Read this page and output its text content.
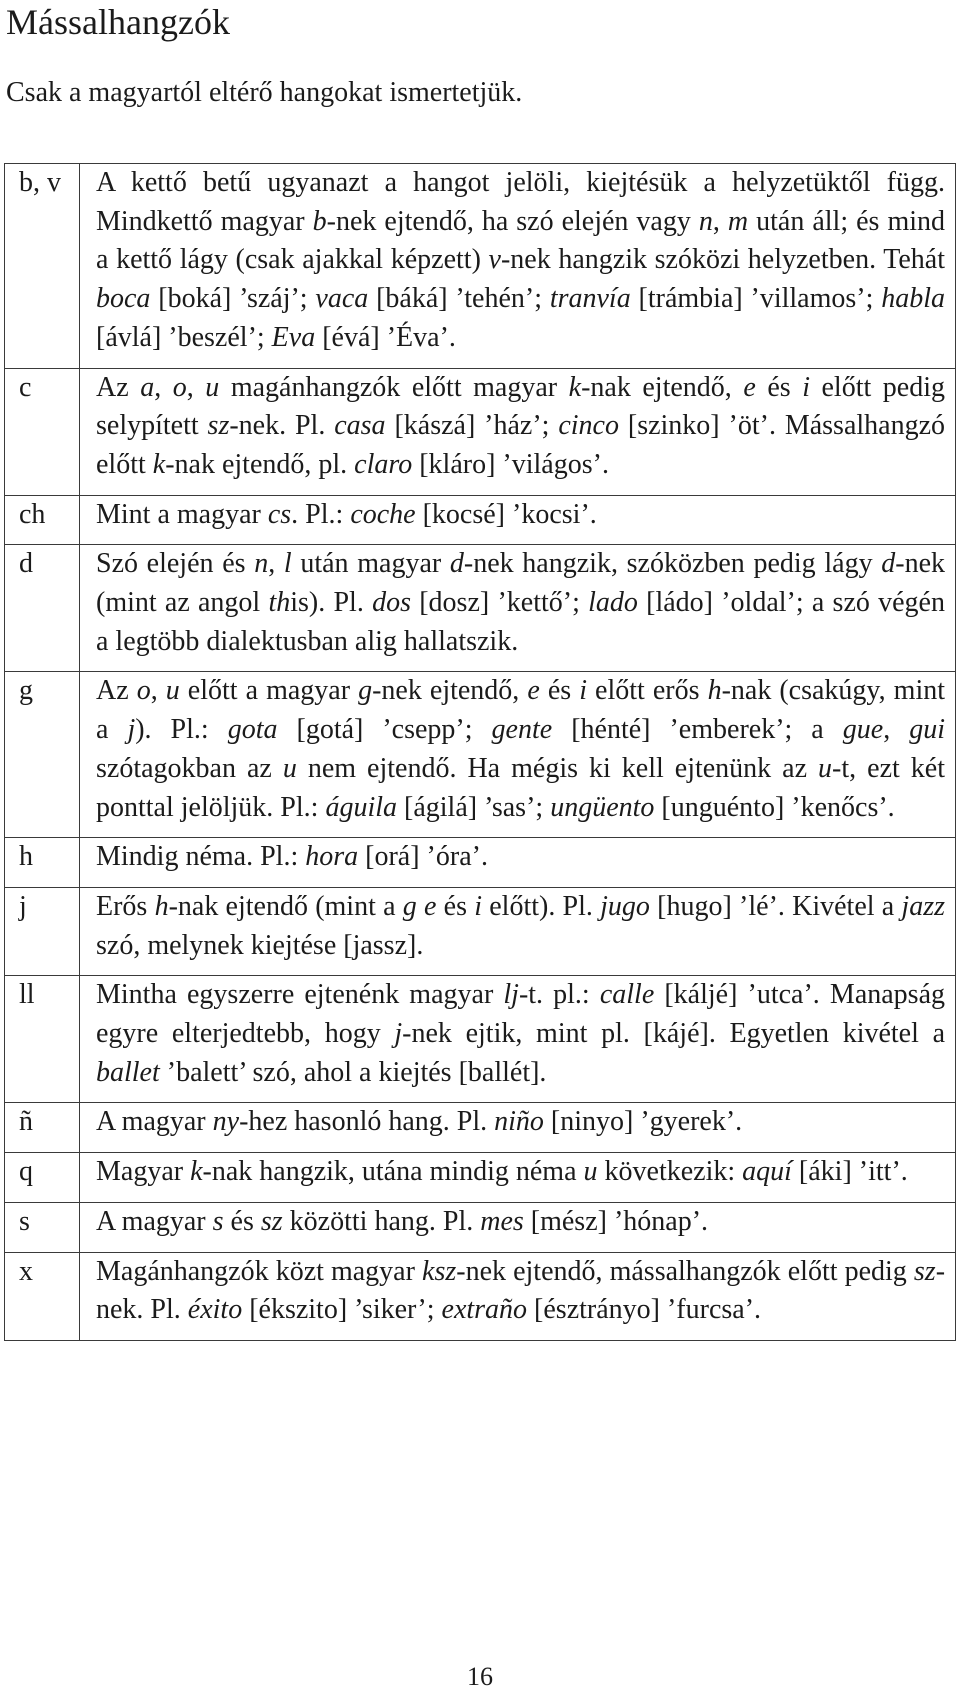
Mássalhangzók

Csak a magyartól eltérő hangokat ismertetjük.

b, v	A kettő betű ugyanazt a hangot jelöli, kiejtésük a helyzetüktől függ. Mindkettő magyar b-nek ejtendő, ha szó elején vagy n, m után áll; és mind a kettő lágy (csak ajakkal képzett) v-nek hangzik szóközi helyzetben. Tehát boca [boká] ’száj’; vaca [báká] ’tehén’; tranvía [trámbia] ’villamos’; habla [ávlá] ’beszél’; Eva [évá] ’Éva’.
c	Az a, o, u magánhangzók előtt magyar k-nak ejtendő, e és i előtt pedig selypített sz-nek. Pl. casa [kászá] ’ház’; cinco [szinko] ’öt’. Mássalhangzó előtt k-nak ejtendő, pl. claro [kláro] ’világos’.
ch	Mint a magyar cs. Pl.: coche [kocsé] ’kocsi’.
d	Szó elején és n, l után magyar d-nek hangzik, szóközben pedig lágy d-nek (mint az angol this). Pl. dos [dosz] ’kettő’; lado [ládo] ’oldal’; a szó végén a legtöbb dialektusban alig hallatszik.
g	Az o, u előtt a magyar g-nek ejtendő, e és i előtt erős h-nak (csakúgy, mint a j). Pl.: gota [gotá] ’csepp’; gente [hénté] ’emberek’; a gue, gui szótagokban az u nem ejtendő. Ha mégis ki kell ejtenünk az u-t, ezt két ponttal jelöljük. Pl.: águila [ágilá] ’sas’; ungüento [unguénto] ’kenőcs’.
h	Mindig néma. Pl.: hora [orá] ’óra’.
j	Erős h-nak ejtendő (mint a g e és i előtt). Pl. jugo [hugo] ’lé’. Kivétel a jazz szó, melynek kiejtése [jassz].
ll	Mintha egyszerre ejtenénk magyar lj-t. pl.: calle [káljé] ’utca’. Manapság egyre elterjedtebb, hogy j-nek ejtik, mint pl. [kájé]. Egyetlen kivétel a ballet ’balett’ szó, ahol a kiejtés [ballét].
ñ	A magyar ny-hez hasonló hang. Pl. niño [ninyo] ’gyerek’.
q	Magyar k-nak hangzik, utána mindig néma u következik: aquí [áki] ’itt’.
s	A magyar s és sz közötti hang. Pl. mes [mész] ’hónap’.
x	Magánhangzók közt magyar ksz-nek ejtendő, mássalhangzók előtt pedig sz-nek. Pl. éxito [ékszito] ’siker’; extraño [észtrányo] ’furcsa’.
16
